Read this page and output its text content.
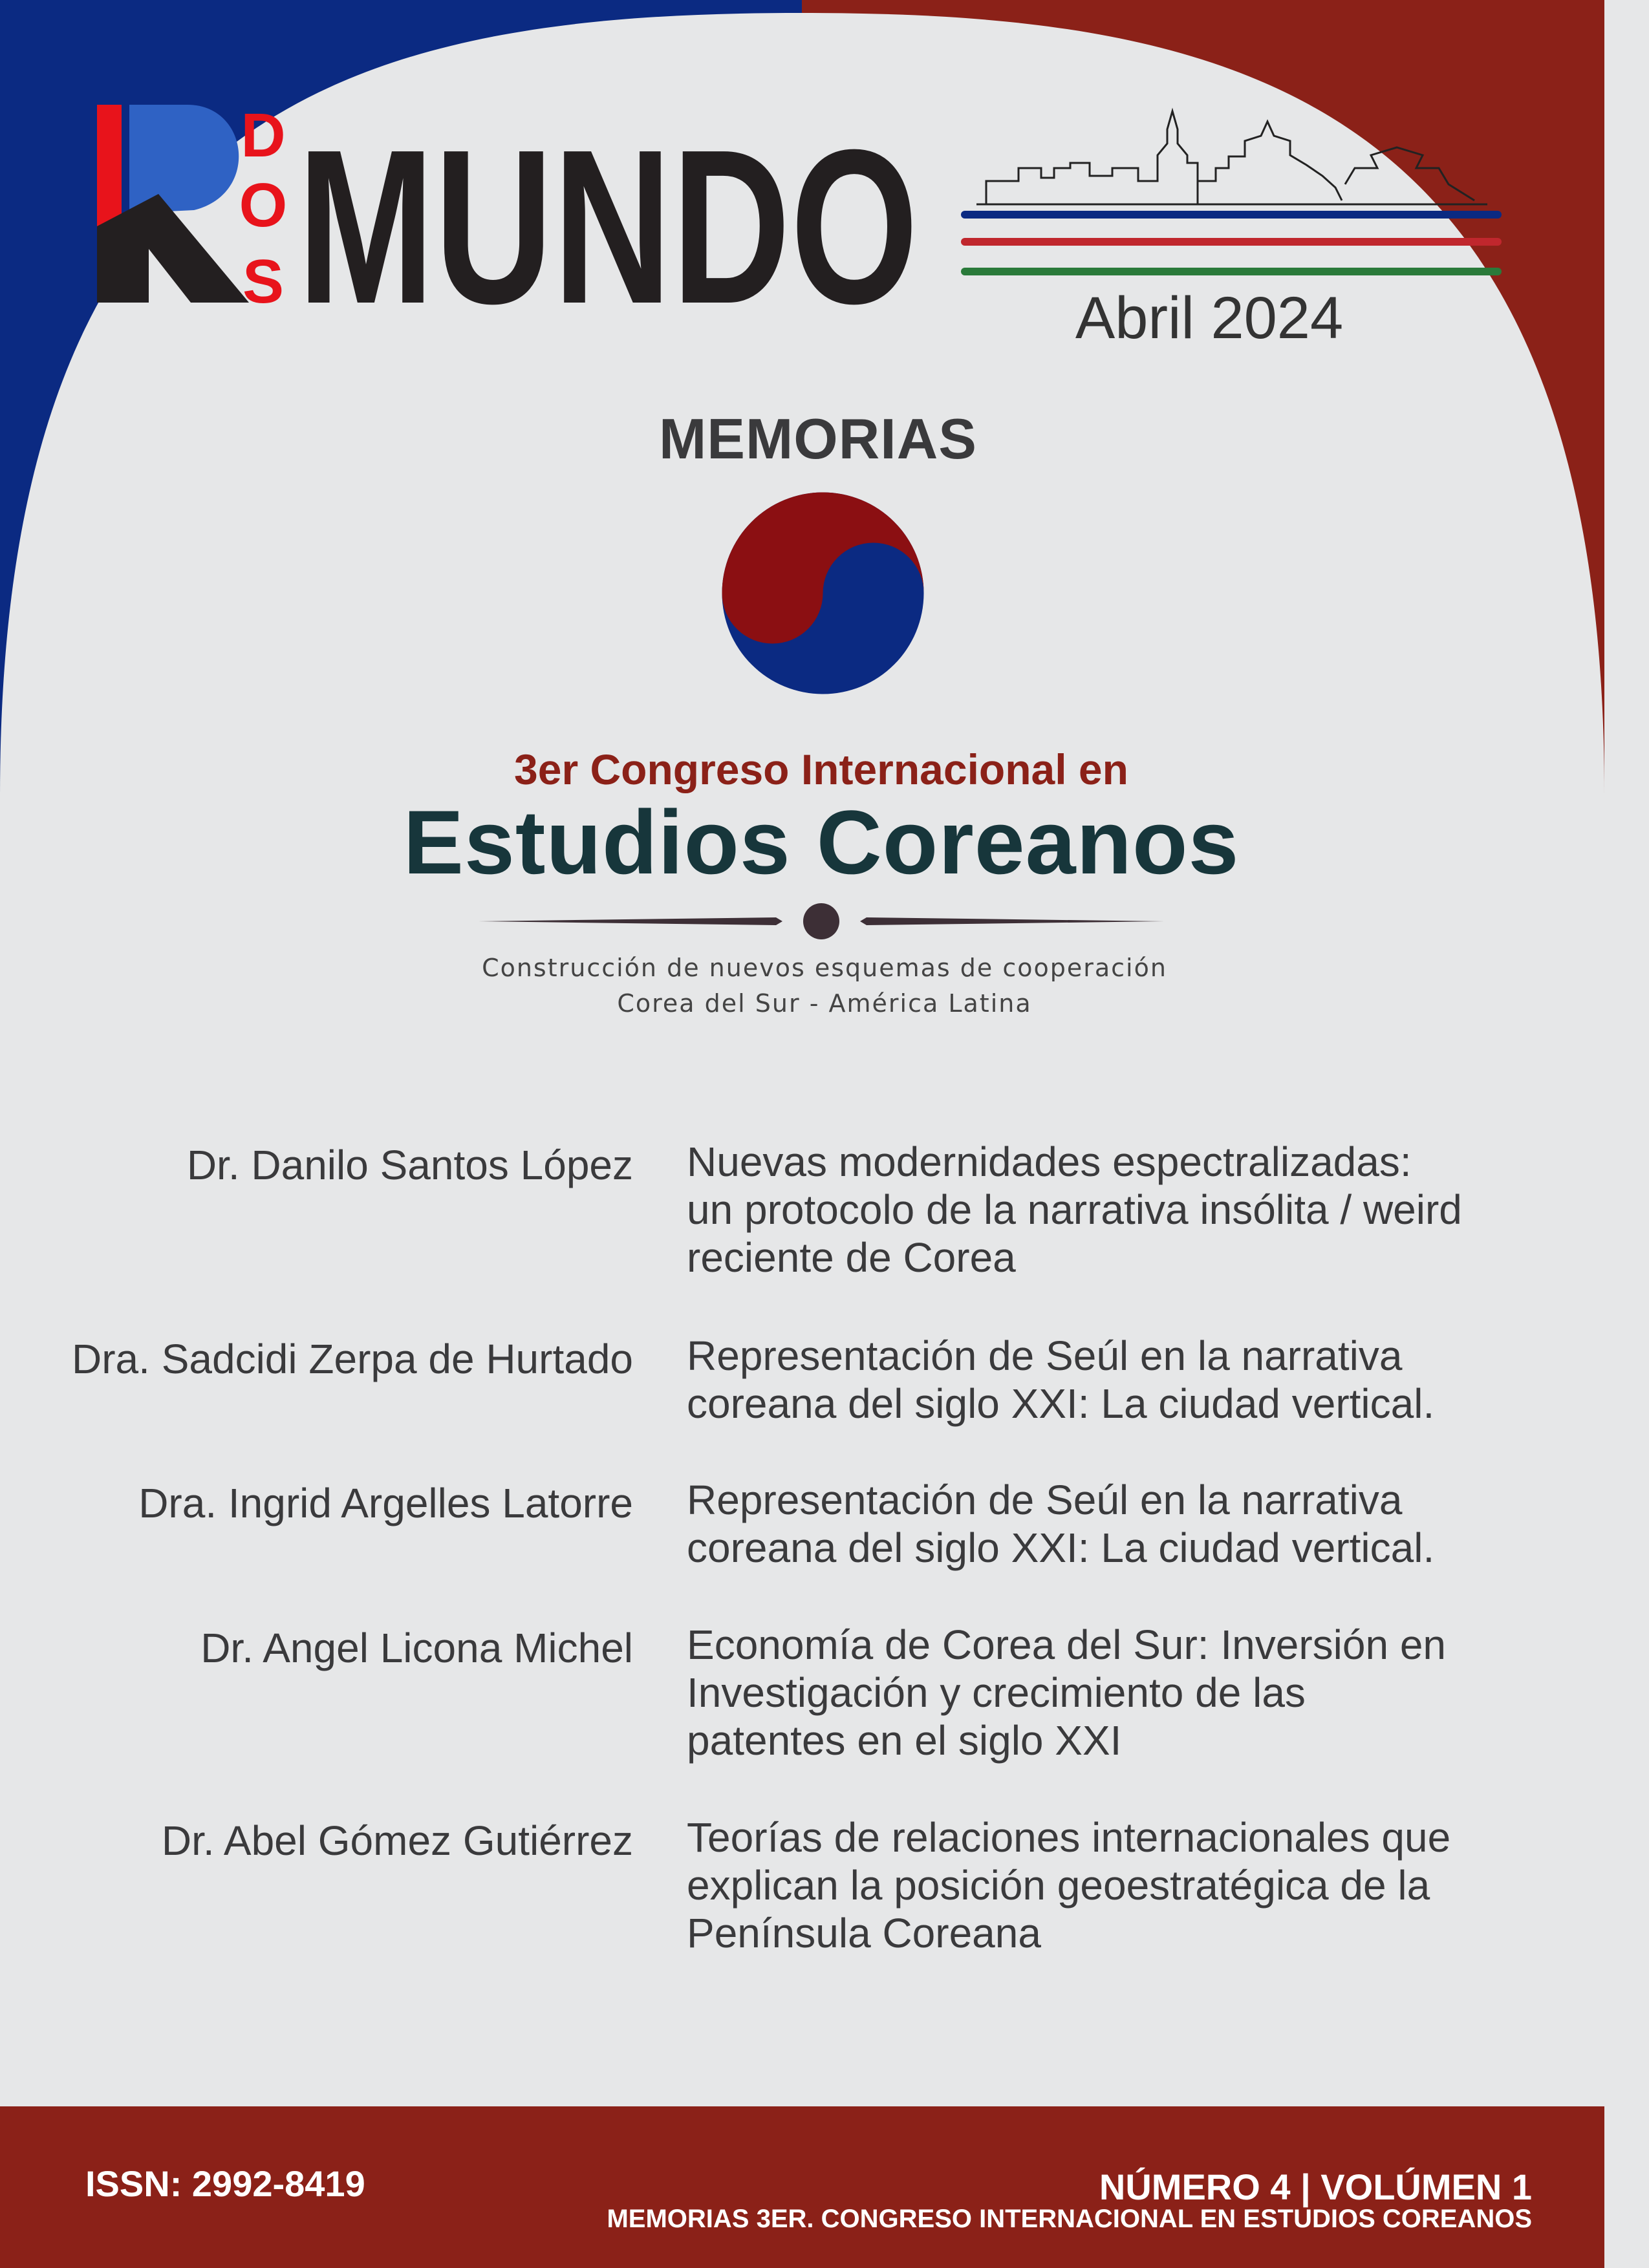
D
O
S MUNDO	Abril 2024
MEMORIAS
3er Congreso Internacional en
Estudios Coreanos
Construcción de nuevos esquemas de cooperación
Corea del Sur - América Latina
Dr. Danilo Santos López Nuevas modernidades espectralizadas:
un protocolo de la narrativa insólita / weird
reciente de Corea
Dra. Sadcidi Zerpa de Hurtado Representación de Seúl en la narrativa
coreana del siglo XXI: La ciudad vertical.
Dra. Ingrid Argelles Latorre Representación de Seúl en la narrativa
coreana del siglo XXI: La ciudad vertical.
Dr. Angel Licona Michel Economía de Corea del Sur: Inversión en
Investigación y crecimiento de las
patentes en el siglo XXI
Dr. Abel Gómez Gutiérrez Teorías de relaciones internacionales que
explican la posición geoestratégica de la
Península Coreana
ISSN: 2992-8419	NÚMERO 4 | VOLÚMEN 1
MEMORIAS 3ER. CONGRESO INTERNACIONAL EN ESTUDIOS COREANOS
